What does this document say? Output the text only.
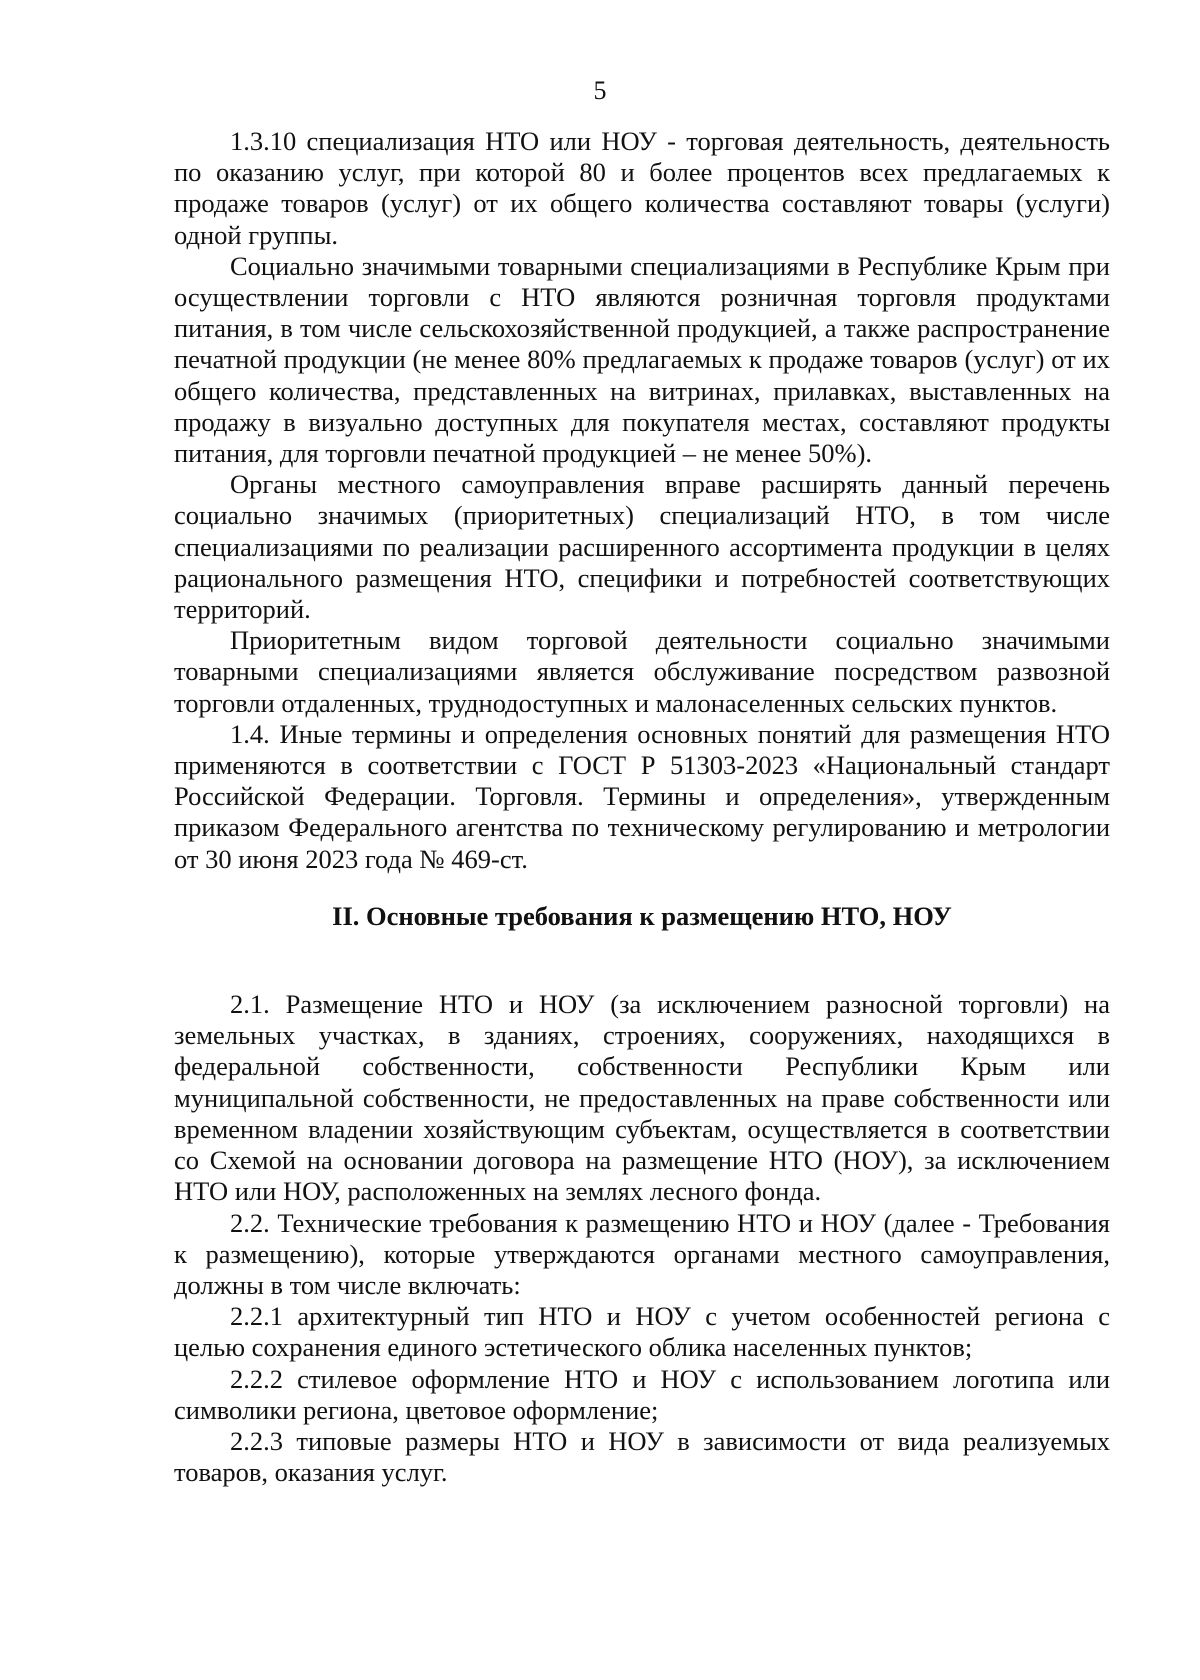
5

1.3.10 специализация НТО или НОУ - торговая деятельность, деятельность по оказанию услуг, при которой 80 и более процентов всех предлагаемых к продаже товаров (услуг) от их общего количества составляют товары (услуги) одной группы.

Социально значимыми товарными специализациями в Республике Крым при осуществлении торговли с НТО являются розничная торговля продуктами питания, в том числе сельскохозяйственной продукцией, а также распространение печатной продукции (не менее 80% предлагаемых к продаже товаров (услуг) от их общего количества, представленных на витринах, прилавках, выставленных на продажу в визуально доступных для покупателя местах, составляют продукты питания, для торговли печатной продукцией – не менее 50%).

Органы местного самоуправления вправе расширять данный перечень социально значимых (приоритетных) специализаций НТО, в том числе специализациями по реализации расширенного ассортимента продукции в целях рационального размещения НТО, специфики и потребностей соответствующих территорий.

Приоритетным видом торговой деятельности социально значимыми товарными специализациями является обслуживание посредством развозной торговли отдаленных, труднодоступных и малонаселенных сельских пунктов.

1.4. Иные термины и определения основных понятий для размещения НТО применяются в соответствии с ГОСТ Р 51303-2023 «Национальный стандарт Российской Федерации. Торговля. Термины и определения», утвержденным приказом Федерального агентства по техническому регулированию и метрологии от 30 июня 2023 года № 469-ст.

II. Основные требования к размещению НТО, НОУ

2.1. Размещение НТО и НОУ (за исключением разносной торговли) на земельных участках, в зданиях, строениях, сооружениях, находящихся в федеральной собственности, собственности Республики Крым или муниципальной собственности, не предоставленных на праве собственности или временном владении хозяйствующим субъектам, осуществляется в соответствии со Схемой на основании договора на размещение НТО (НОУ), за исключением НТО или НОУ, расположенных на землях лесного фонда.

2.2. Технические требования к размещению НТО и НОУ (далее - Требования к размещению), которые утверждаются органами местного самоуправления, должны в том числе включать:

2.2.1 архитектурный тип НТО и НОУ с учетом особенностей региона с целью сохранения единого эстетического облика населенных пунктов;

2.2.2 стилевое оформление НТО и НОУ с использованием логотипа или символики региона, цветовое оформление;

2.2.3 типовые размеры НТО и НОУ в зависимости от вида реализуемых товаров, оказания услуг.
